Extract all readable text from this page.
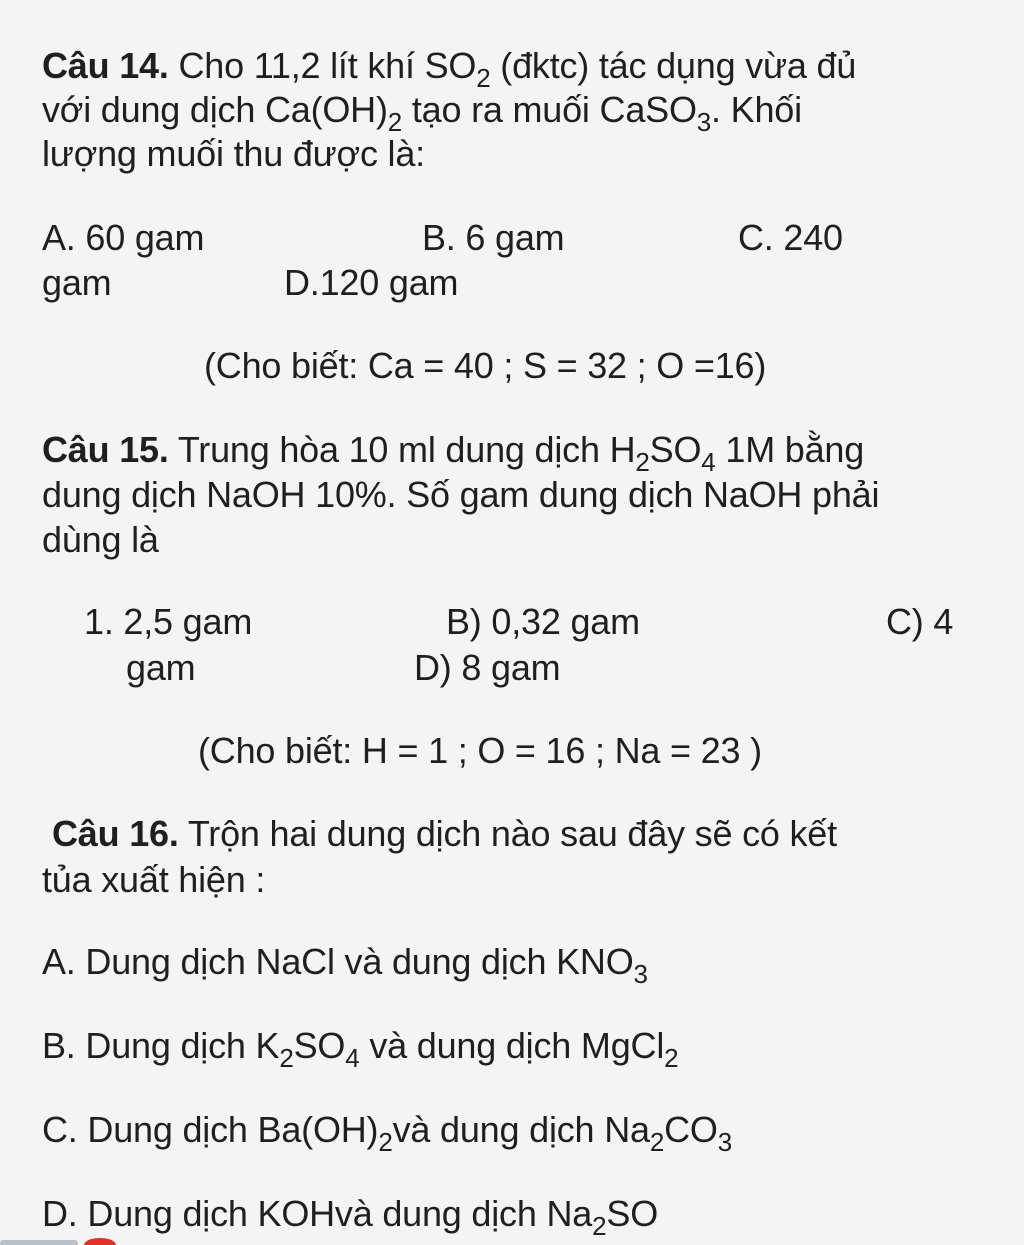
Câu 14. Cho 11,2 lít khí $SO_2$ (đktc) tác dụng vừa đủ
với dung dịch $Ca(OH)_2$ tạo ra muối CaSO$_3$. Khối
lượng muối thu được là:
A. 60 gam	B. 6 gam	C. 240
gam	D.120 gam
(Cho biết: Ca = 40 ; S = 32 ; O =16)
Câu 15. Trung hòa 10 ml dung dịch $H_2SO_4$ 1M bằng
dung dịch NaOH 10%. Số gam dung dịch NaOH phải
dùng là
1. 2,5 gam	B) 0,32 gam	C) 4
gam	D) 8 gam
(Cho biết: H = 1 ; O = 16 ; Na = 23 )
Câu 16. Trộn hai dung dịch nào sau đây sẽ có kết
tủa xuất hiện :
A. Dung dịch NaCl và dung dịch $KNO_3$
B. Dung dịch $K_2SO_4$ và dung dịch MgCl$_2$
C. Dung dịch $Ba(OH)_2và$ dung dịch $Na_2CO_3$
D. Dung dịch KOHvà dung dịch $Na_2SO$
